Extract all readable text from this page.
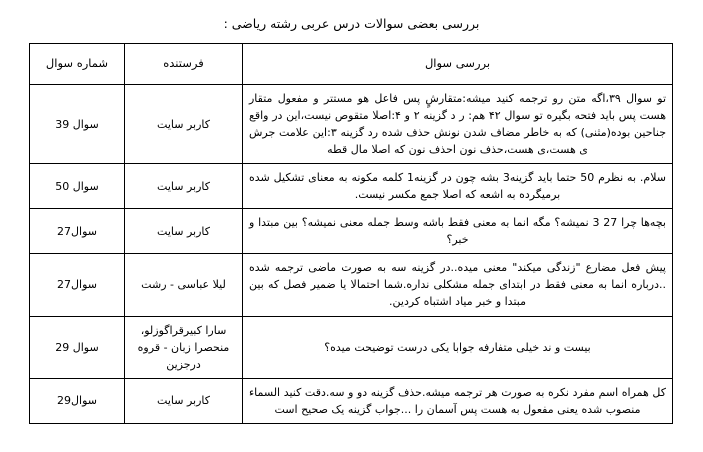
بررسی بعضی سوالات درس عربی رشته ریاضی :
بررسی سوال	فرستنده	شماره سوال
تو سوال ۳۹،اگه متن رو ترجمه کنید میشه:متقارشٍ پس فاعل هو مستتر و مفعول متقار هست پس باید فتحه بگیره تو سوال ۴۲ هم: ر د گزینه ۲ و ۴:اصلا متقوص نیست،این در واقع جناحین بوده(مثنی) که به خاطر مضاف شدن نونش حذف شده رد گزینه ۳:این علامت جرش ی هست،ی هست،حذف نون احذف نون که اصلا مال قطه	کاربر سایت	سوال 39
سلام. به نظرم 50 حتما باید گزینه3 بشه چون در گزینه1 کلمه مکونه به معنای تشکیل شده برمیگرده به اشعه که اصلا جمع مکسر نیست.	کاربر سایت	سوال 50
بچه‌ها چرا 27 3 نمیشه؟ مگه انما به معنی فقط باشه وسط جمله معنی نمیشه؟ بین مبتدا و خبر؟	کاربر سایت	سوال27
پیش فعل مضارع "زندگی میکند" معنی میده..در گزینه سه به صورت ماضی ترجمه شده ..درباره انما به معنی فقط در ابتدای جمله مشکلی نداره.شما احتمالا یا ضمیر فصل که بین مبتدا و خبر میاد اشتباه کردین.	لیلا عباسی - رشت	سوال27
بیست و ند خیلی متفارفه جوابا یکی درست توضیحت میده؟	سارا کبیرقراگوزلو، منحصرا زبان - قروه درجزین	سوال 29
کل همراه اسم مفرد نکره به صورت هر ترجمه میشه.حذف گزینه دو و سه.دقت کنید السماء منصوب شده یعنی مفعول به هست پس آسمان را ...جواب گزینه یک صحیح است	کاربر سایت	سوال29
